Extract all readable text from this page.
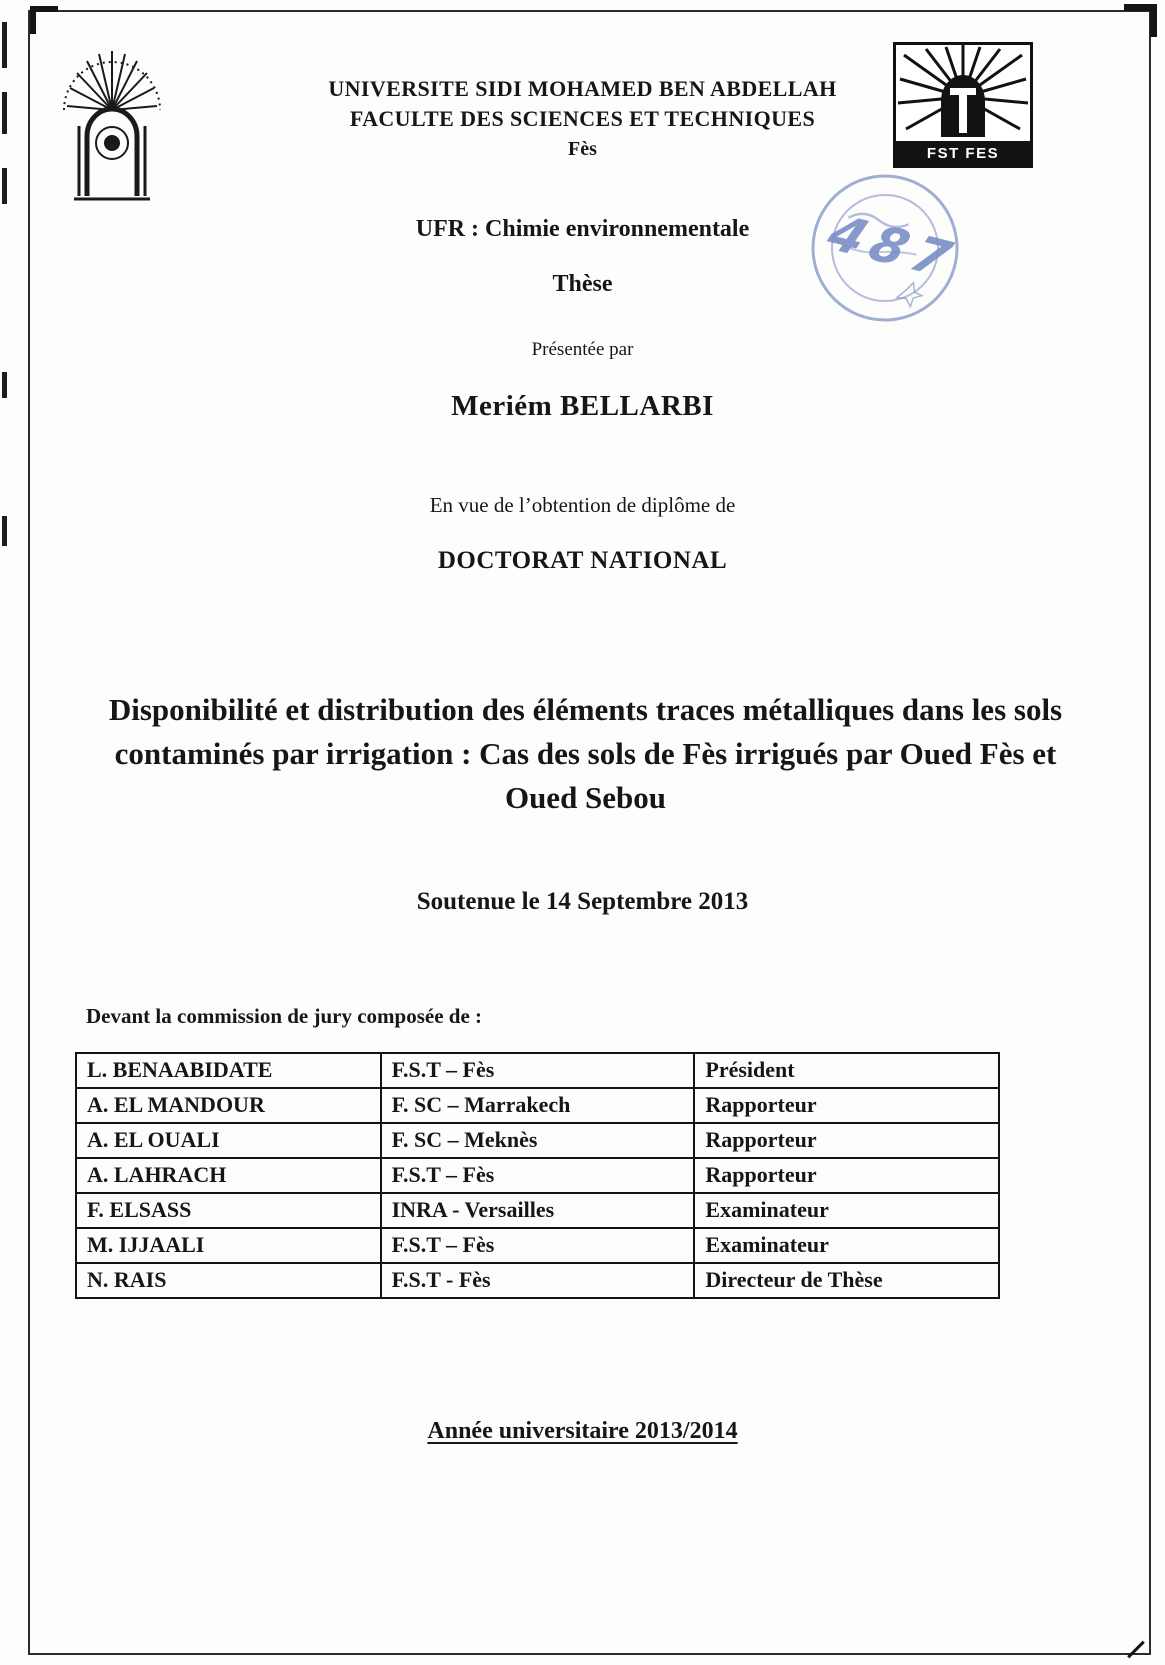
UNIVERSITE SIDI MOHAMED BEN ABDELLAH
FACULTE DES SCIENCES ET TECHNIQUES
Fès	FST FES
487
UFR : Chimie environnementale
Thèse
Présentée par
Meriém BELLARBI
En vue de l’obtention de diplôme de
DOCTORAT NATIONAL
Disponibilité et distribution des éléments traces métalliques dans les sols contaminés par irrigation : Cas des sols de Fès irrigués par Oued Fès et Oued Sebou
Soutenue le 14 Septembre 2013
Devant la commission de jury composée de :
L. BENAABIDATE	F.S.T – Fès	Président
A. EL MANDOUR	F. SC – Marrakech	Rapporteur
A. EL OUALI	F. SC – Meknès	Rapporteur
A. LAHRACH	F.S.T – Fès	Rapporteur
F. ELSASS	INRA - Versailles	Examinateur
M. IJJAALI	F.S.T – Fès	Examinateur
N. RAIS	F.S.T - Fès	Directeur de Thèse
Année universitaire 2013/2014
